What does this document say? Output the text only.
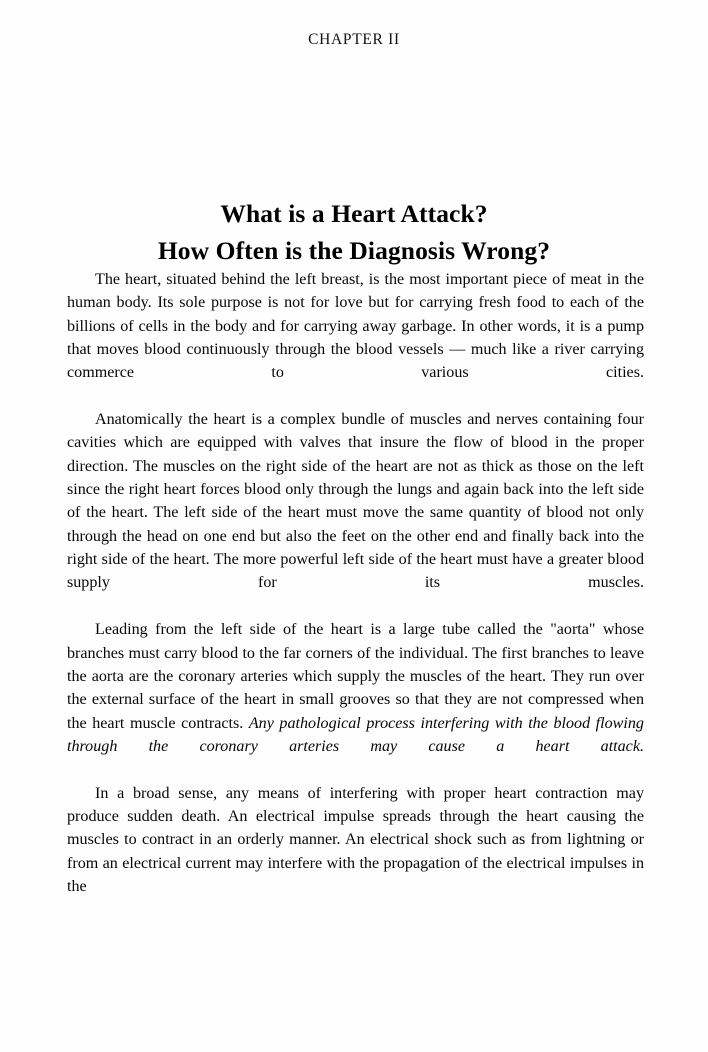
CHAPTER II
What is a Heart Attack?
How Often is the Diagnosis Wrong?

The heart, situated behind the left breast, is the most important piece of meat in the human body. Its sole purpose is not for love but for carrying fresh food to each of the billions of cells in the body and for carrying away garbage. In other words, it is a pump that moves blood continuously through the blood vessels — much like a river carrying commerce to various cities.

Anatomically the heart is a complex bundle of muscles and nerves containing four cavities which are equipped with valves that insure the flow of blood in the proper direction. The muscles on the right side of the heart are not as thick as those on the left since the right heart forces blood only through the lungs and again back into the left side of the heart. The left side of the heart must move the same quantity of blood not only through the head on one end but also the feet on the other end and finally back into the right side of the heart. The more powerful left side of the heart must have a greater blood supply for its muscles.

Leading from the left side of the heart is a large tube called the "aorta" whose branches must carry blood to the far corners of the individual. The first branches to leave the aorta are the coronary arteries which supply the muscles of the heart. They run over the external surface of the heart in small grooves so that they are not compressed when the heart muscle contracts. Any pathological process interfering with the blood flowing through the coronary arteries may cause a heart attack.

In a broad sense, any means of interfering with proper heart contraction may produce sudden death. An electrical impulse spreads through the heart causing the muscles to contract in an orderly manner. An electrical shock such as from lightning or from an electrical current may interfere with the propagation of the electrical impulses in the
